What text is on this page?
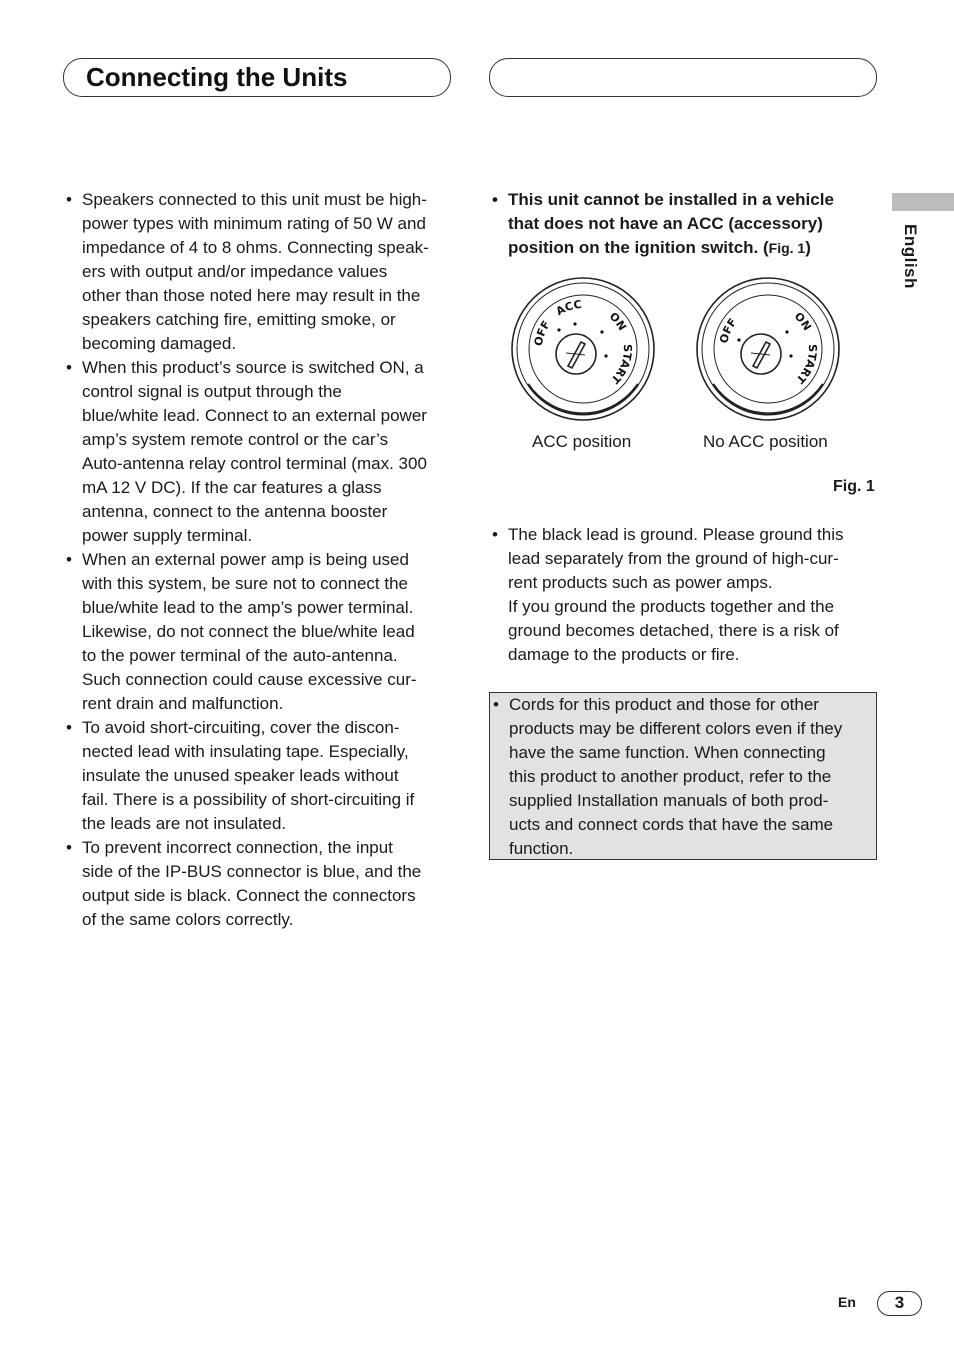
Connecting the Units

• Speakers connected to this unit must be high-
power types with minimum rating of 50 W and
impedance of 4 to 8 ohms. Connecting speak-
ers with output and/or impedance values
other than those noted here may result in the
speakers catching fire, emitting smoke, or
becoming damaged.

• When this product’s source is switched ON, a
control signal is output through the
blue/white lead. Connect to an external power
amp’s system remote control or the car’s
Auto-antenna relay control terminal (max. 300
mA 12 V DC). If the car features a glass
antenna, connect to the antenna booster
power supply terminal.

• When an external power amp is being used
with this system, be sure not to connect the
blue/white lead to the amp’s power terminal.
Likewise, do not connect the blue/white lead
to the power terminal of the auto-antenna.
Such connection could cause excessive cur-
rent drain and malfunction.

• To avoid short-circuiting, cover the discon-
nected lead with insulating tape. Especially,
insulate the unused speaker leads without
fail. There is a possibility of short-circuiting if
the leads are not insulated.

• To prevent incorrect connection, the input
side of the IP-BUS connector is blue, and the
output side is black. Connect the connectors
of the same colors correctly.

• This unit cannot be installed in a vehicle
that does not have an ACC (accessory)
position on the ignition switch. (Fig. 1)

OFF
ACC
ON
START
OFF	ON
START
ACC position	No ACC position
Fig. 1

• The black lead is ground. Please ground this
lead separately from the ground of high-cur-
rent products such as power amps.
If you ground the products together and the
ground becomes detached, there is a risk of
damage to the products or fire.

• Cords for this product and those for other
products may be different colors even if they
have the same function. When connecting
this product to another product, refer to the
supplied Installation manuals of both prod-
ucts and connect cords that have the same
function.

English
En	3
